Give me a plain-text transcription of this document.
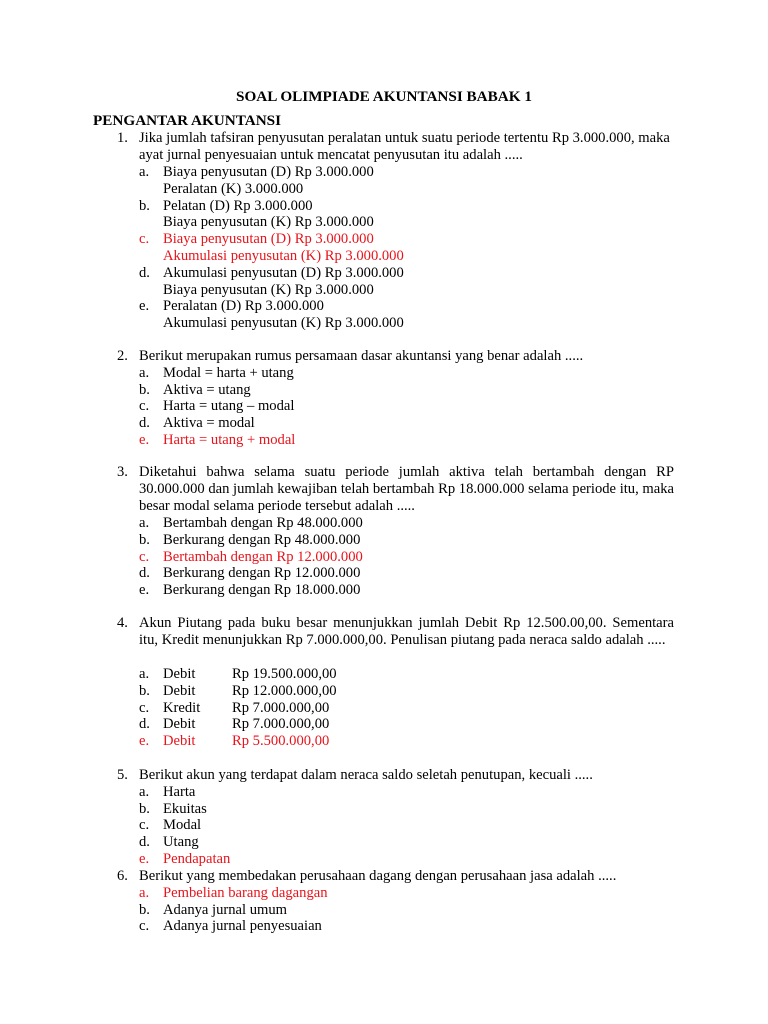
SOAL OLIMPIADE AKUNTANSI BABAK 1
PENGANTAR AKUNTANSI
1. Jika jumlah tafsiran penyusutan peralatan untuk suatu periode tertentu Rp 3.000.000, maka ayat jurnal penyesuaian untuk mencatat penyusutan itu adalah .....

a. Biaya penyusutan (D) Rp 3.000.000
Peralatan (K) 3.000.000
b. Pelatan (D) Rp 3.000.000
Biaya penyusutan (K) Rp 3.000.000
c. Biaya penyusutan (D) Rp 3.000.000
Akumulasi penyusutan (K) Rp 3.000.000
d. Akumulasi penyusutan (D) Rp 3.000.000
Biaya penyusutan (K) Rp 3.000.000
e. Peralatan (D) Rp 3.000.000
Akumulasi penyusutan (K) Rp 3.000.000
2. Berikut merupakan rumus persamaan dasar akuntansi yang benar adalah .....

a. Modal = harta + utang
b. Aktiva = utang
c. Harta = utang – modal
d. Aktiva = modal
e. Harta = utang + modal
3. Diketahui bahwa selama suatu periode jumlah aktiva telah bertambah dengan RP 30.000.000 dan jumlah kewajiban telah bertambah Rp 18.000.000 selama periode itu, maka besar modal selama periode tersebut adalah .....

a. Bertambah dengan Rp 48.000.000
b. Berkurang dengan Rp 48.000.000
c. Bertambah dengan Rp 12.000.000
d. Berkurang dengan Rp 12.000.000
e. Berkurang dengan Rp 18.000.000
4. Akun Piutang pada buku besar menunjukkan jumlah Debit Rp 12.500.00,00. Sementara itu, Kredit menunjukkan Rp 7.000.000,00. Penulisan piutang pada neraca saldo adalah .....

a. Debit	Rp 19.500.000,00
b. Debit	Rp 12.000.000,00
c. Kredit Rp 7.000.000,00
d. Debit	Rp 7.000.000,00
e. Debit	Rp 5.500.000,00
5. Berikut akun yang terdapat dalam neraca saldo seletah penutupan, kecuali .....

a. Harta
b. Ekuitas
c. Modal
d. Utang
e. Pendapatan
6. Berikut yang membedakan perusahaan dagang dengan perusahaan jasa adalah .....

a. Pembelian barang dagangan
b. Adanya jurnal umum
c. Adanya jurnal penyesuaian
